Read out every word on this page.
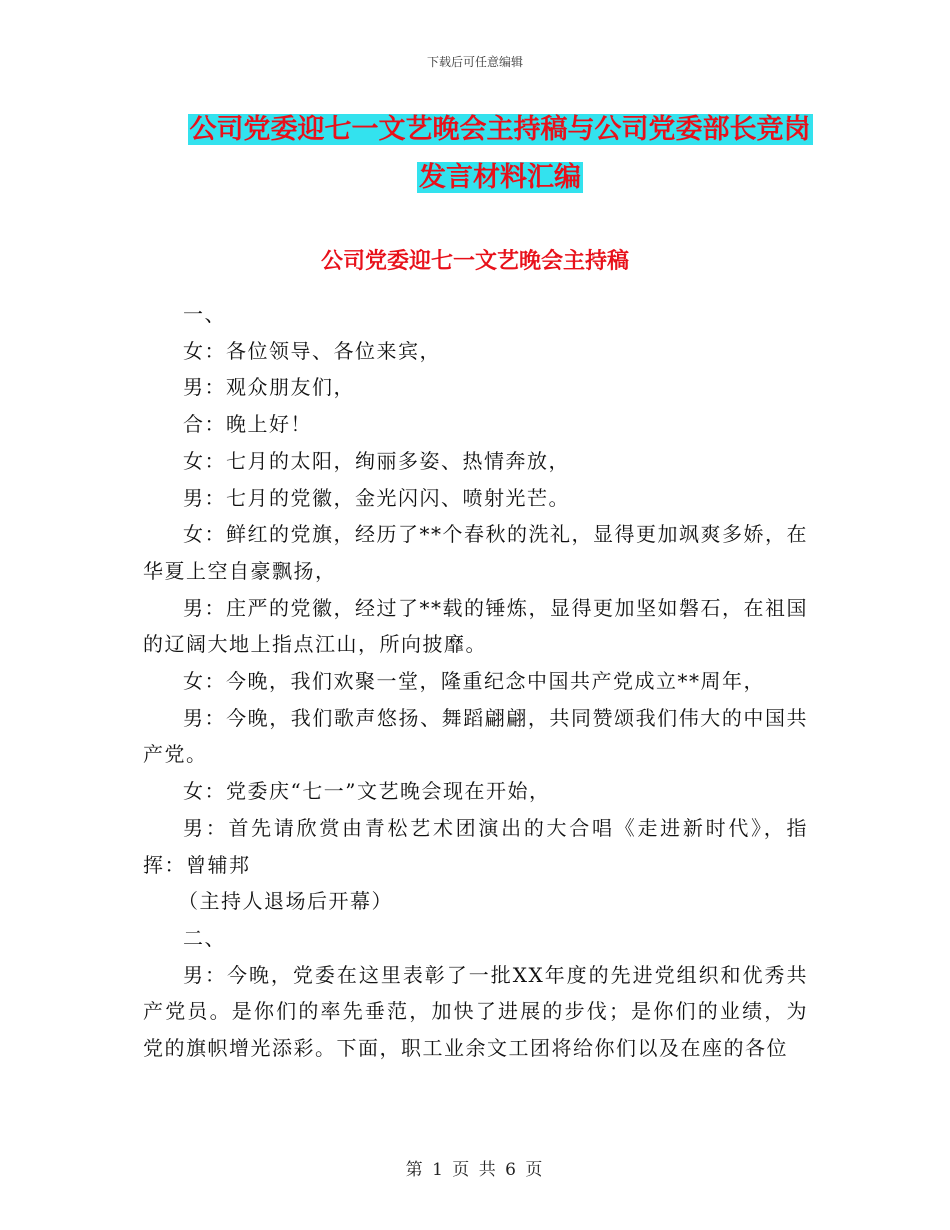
下载后可任意编辑
公司党委迎七一文艺晚会主持稿与公司党委部长竞岗
发言材料汇编
公司党委迎七一文艺晚会主持稿

一、

女：各位领导、各位来宾，

男：观众朋友们，

合：晚上好！

女：七月的太阳，绚丽多姿、热情奔放，

男：七月的党徽，金光闪闪、喷射光芒。

女：鲜红的党旗，经历了**个春秋的洗礼，显得更加飒爽多娇，在华夏上空自豪飘扬，

男：庄严的党徽，经过了**载的锤炼，显得更加坚如磐石，在祖国的辽阔大地上指点江山，所向披靡。

女：今晚，我们欢聚一堂，隆重纪念中国共产党成立**周年，

男：今晚，我们歌声悠扬、舞蹈翩翩，共同赞颂我们伟大的中国共产党。

女：党委庆“七一”文艺晚会现在开始，

男：首先请欣赏由青松艺术团演出的大合唱《走进新时代》，指挥：曾辅邦

（主持人退场后开幕）

二、

男：今晚，党委在这里表彰了一批XX年度的先进党组织和优秀共产党员。是你们的率先垂范，加快了进展的步伐；是你们的业绩，为党的旗帜增光添彩。下面，职工业余文工团将给你们以及在座的各位

第 1 页 共 6 页
